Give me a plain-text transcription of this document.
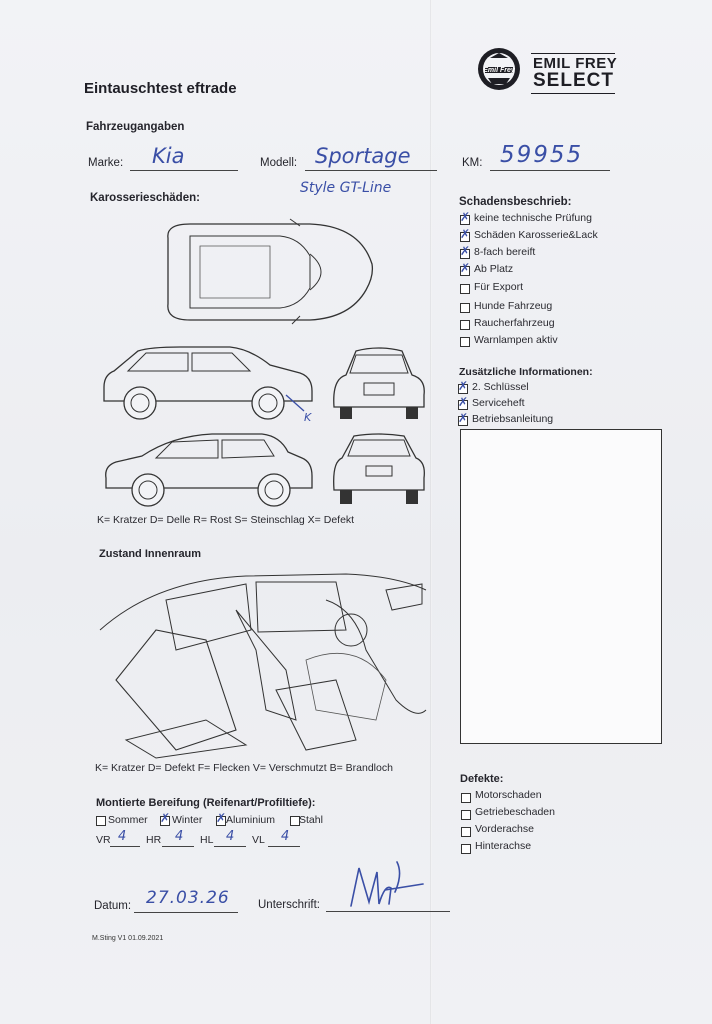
Eintauschtest eftrade
Emil Frey EMIL FREY
SELECT
Fahrzeugangaben
Marke: Kia	Modell: Sportage
Style GT-Line
KM: 59955
Karosserieschäden:
K
K= Kratzer D= Delle R= Rost S= Steinschlag X= Defekt
Zustand Innenraum
K= Kratzer D= Defekt F= Flecken V= Verschmutzt B= Brandloch
Montierte Bereifung (Reifenart/Profiltiefe):
Sommer ✗ Winter ✗ Aluminium Stahl
VR 4 HR 4 HL 4 VL 4
Datum: 27.03.26 Unterschrift:
M.Sting V1 01.09.2021
Schadensbeschrieb:
✗
keine technische Prüfung
✗
Schäden Karosserie&Lack
✗
8-fach bereift
✗
Ab Platz
Für Export
Hunde Fahrzeug
Raucherfahrzeug
Warnlampen aktiv
Zusätzliche Informationen:
✗
2. Schlüssel
✗
Serviceheft
✗
Betriebsanleitung
Defekte:
Motorschaden
Getriebeschaden
Vorderachse
Hinterachse
